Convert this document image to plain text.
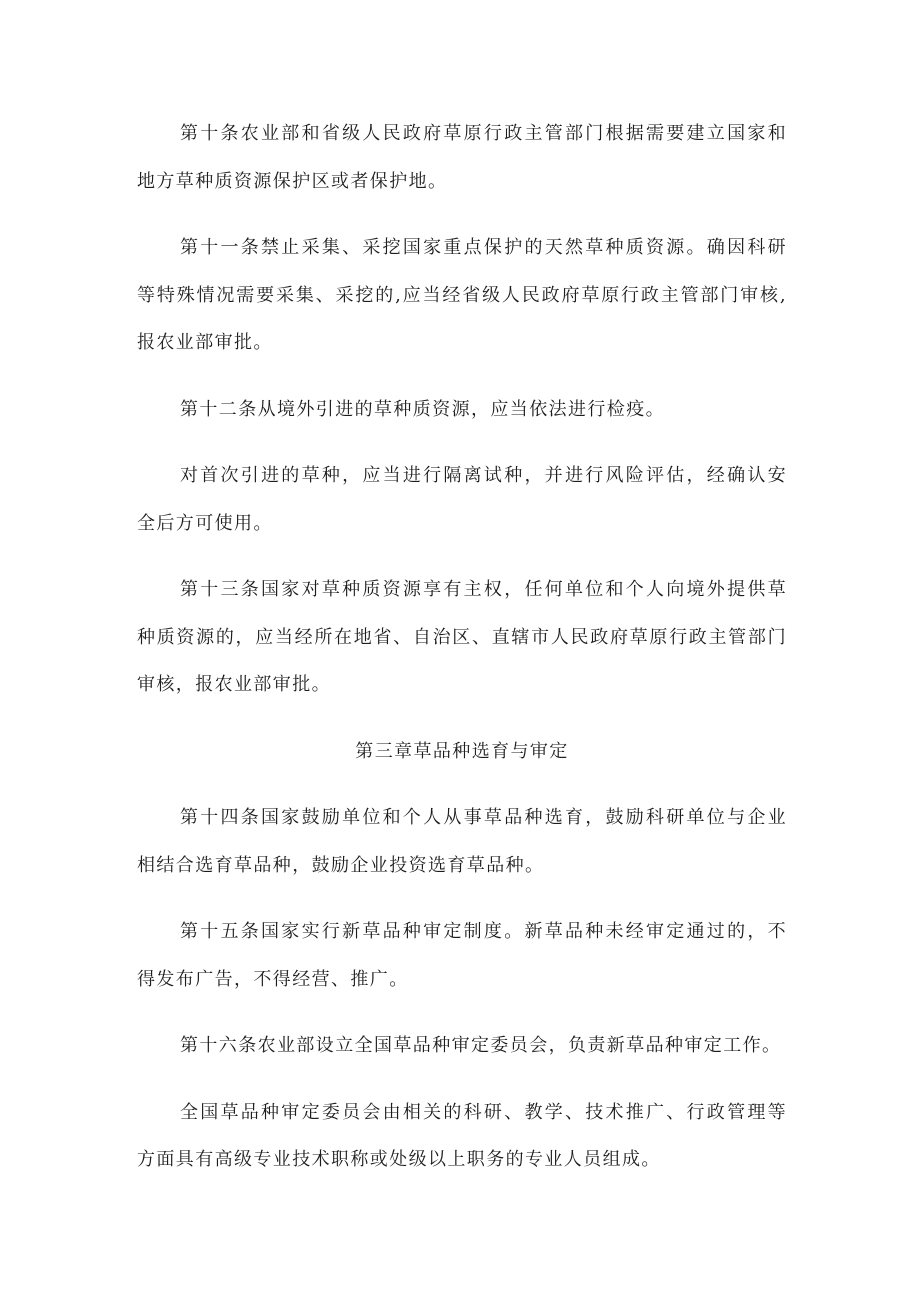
第十条农业部和省级人民政府草原行政主管部门根据需要建立国家和
地方草种质资源保护区或者保护地。
第十一条禁止采集、采挖国家重点保护的天然草种质资源。确因科研
等特殊情况需要采集、采挖的,应当经省级人民政府草原行政主管部门审核,
报农业部审批。
第十二条从境外引进的草种质资源，应当依法进行检疫。
对首次引进的草种，应当进行隔离试种，并进行风险评估，经确认安
全后方可使用。
第十三条国家对草种质资源享有主权，任何单位和个人向境外提供草
种质资源的，应当经所在地省、自治区、直辖市人民政府草原行政主管部门
审核，报农业部审批。
第三章草品种选育与审定
第十四条国家鼓励单位和个人从事草品种选育，鼓励科研单位与企业
相结合选育草品种，鼓励企业投资选育草品种。
第十五条国家实行新草品种审定制度。新草品种未经审定通过的，不
得发布广告，不得经营、推广。
第十六条农业部设立全国草品种审定委员会，负责新草品种审定工作。
全国草品种审定委员会由相关的科研、教学、技术推广、行政管理等
方面具有高级专业技术职称或处级以上职务的专业人员组成。
